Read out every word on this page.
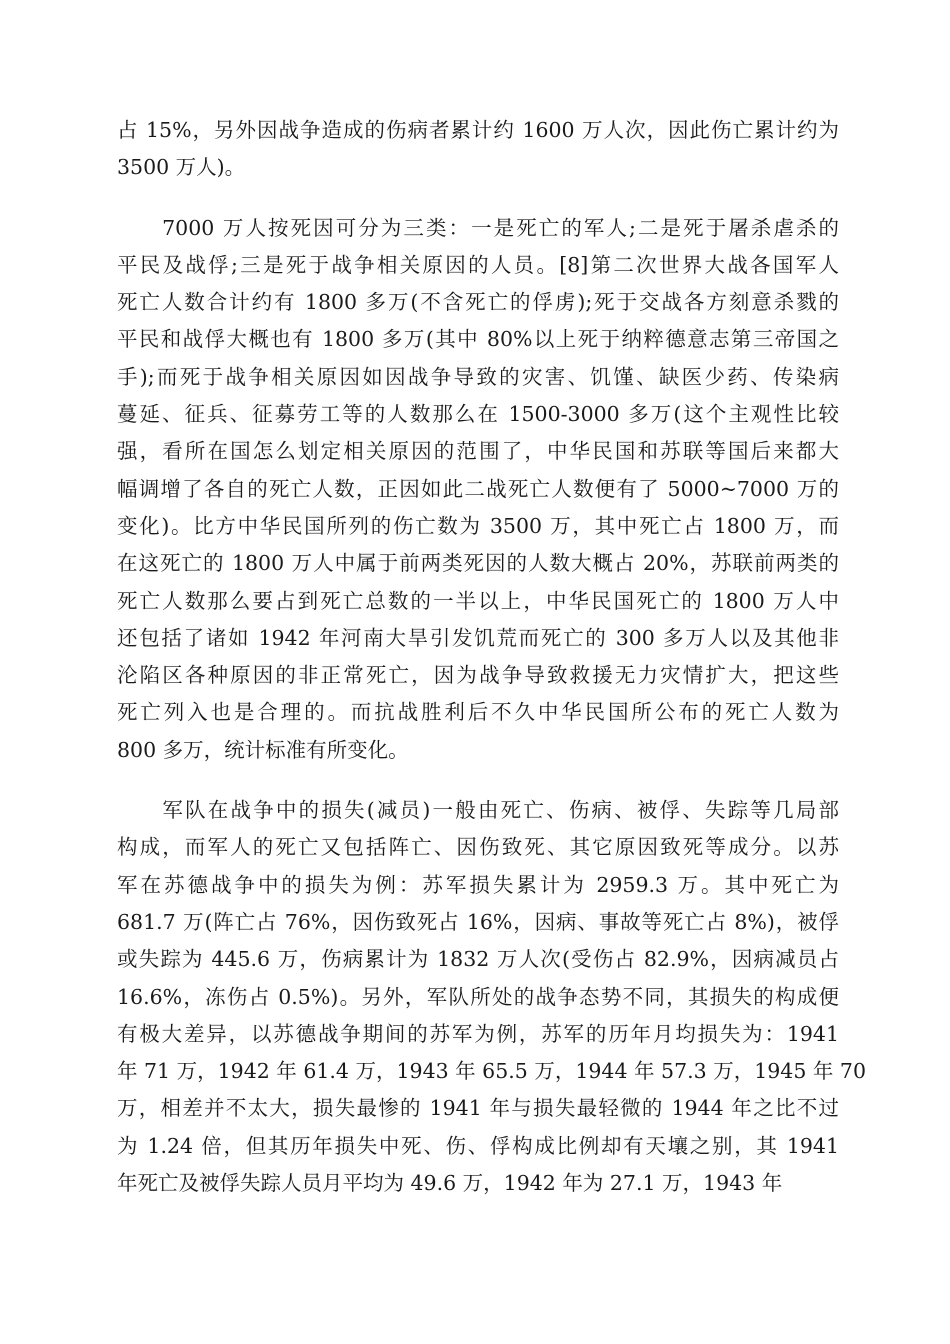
占 15%，另外因战争造成的伤病者累计约 1600 万人次，因此伤亡累计约为
3500 万人)。
　　7000 万人按死因可分为三类：一是死亡的军人;二是死于屠杀虐杀的
平民及战俘;三是死于战争相关原因的人员。[8]第二次世界大战各国军人
死亡人数合计约有 1800 多万(不含死亡的俘虏);死于交战各方刻意杀戮的
平民和战俘大概也有 1800 多万(其中 80%以上死于纳粹德意志第三帝国之
手);而死于战争相关原因如因战争导致的灾害、饥馑、缺医少药、传染病
蔓延、征兵、征募劳工等的人数那么在 1500-3000 多万(这个主观性比较
强，看所在国怎么划定相关原因的范围了，中华民国和苏联等国后来都大
幅调增了各自的死亡人数，正因如此二战死亡人数便有了 5000~7000 万的
变化)。比方中华民国所列的伤亡数为 3500 万，其中死亡占 1800 万，而
在这死亡的 1800 万人中属于前两类死因的人数大概占 20%，苏联前两类的
死亡人数那么要占到死亡总数的一半以上，中华民国死亡的 1800 万人中
还包括了诸如 1942 年河南大旱引发饥荒而死亡的 300 多万人以及其他非
沦陷区各种原因的非正常死亡，因为战争导致救援无力灾情扩大，把这些
死亡列入也是合理的。而抗战胜利后不久中华民国所公布的死亡人数为
800 多万，统计标准有所变化。
　　军队在战争中的损失(减员)一般由死亡、伤病、被俘、失踪等几局部
构成，而军人的死亡又包括阵亡、因伤致死、其它原因致死等成分。以苏
军在苏德战争中的损失为例：苏军损失累计为 2959.3 万。其中死亡为
681.7 万(阵亡占 76%，因伤致死占 16%，因病、事故等死亡占 8%)，被俘
或失踪为 445.6 万，伤病累计为 1832 万人次(受伤占 82.9%，因病减员占
16.6%，冻伤占 0.5%)。另外，军队所处的战争态势不同，其损失的构成便
有极大差异，以苏德战争期间的苏军为例，苏军的历年月均损失为：1941
年 71 万，1942 年 61.4 万，1943 年 65.5 万，1944 年 57.3 万，1945 年 70
万，相差并不太大，损失最惨的 1941 年与损失最轻微的 1944 年之比不过
为 1.24 倍，但其历年损失中死、伤、俘构成比例却有天壤之别，其 1941
年死亡及被俘失踪人员月平均为 49.6 万，1942 年为 27.1 万，1943 年
